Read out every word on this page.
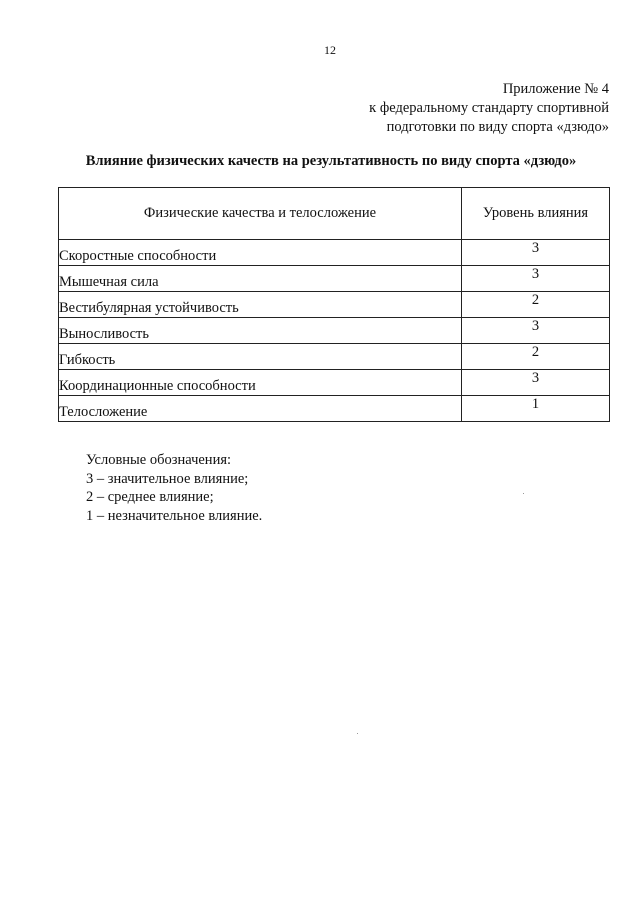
12
Приложение № 4
к федеральному стандарту спортивной
подготовки по виду спорта «дзюдо»
Влияние физических качеств на результативность по виду спорта «дзюдо»
Физические качества и телосложение	Уровень влияния
Скоростные способности	3
Мышечная сила	3
Вестибулярная устойчивость	2
Выносливость	3
Гибкость	2
Координационные способности	3
Телосложение	1
Условные обозначения:
3 – значительное влияние;
2 – среднее влияние;
1 – незначительное влияние.
